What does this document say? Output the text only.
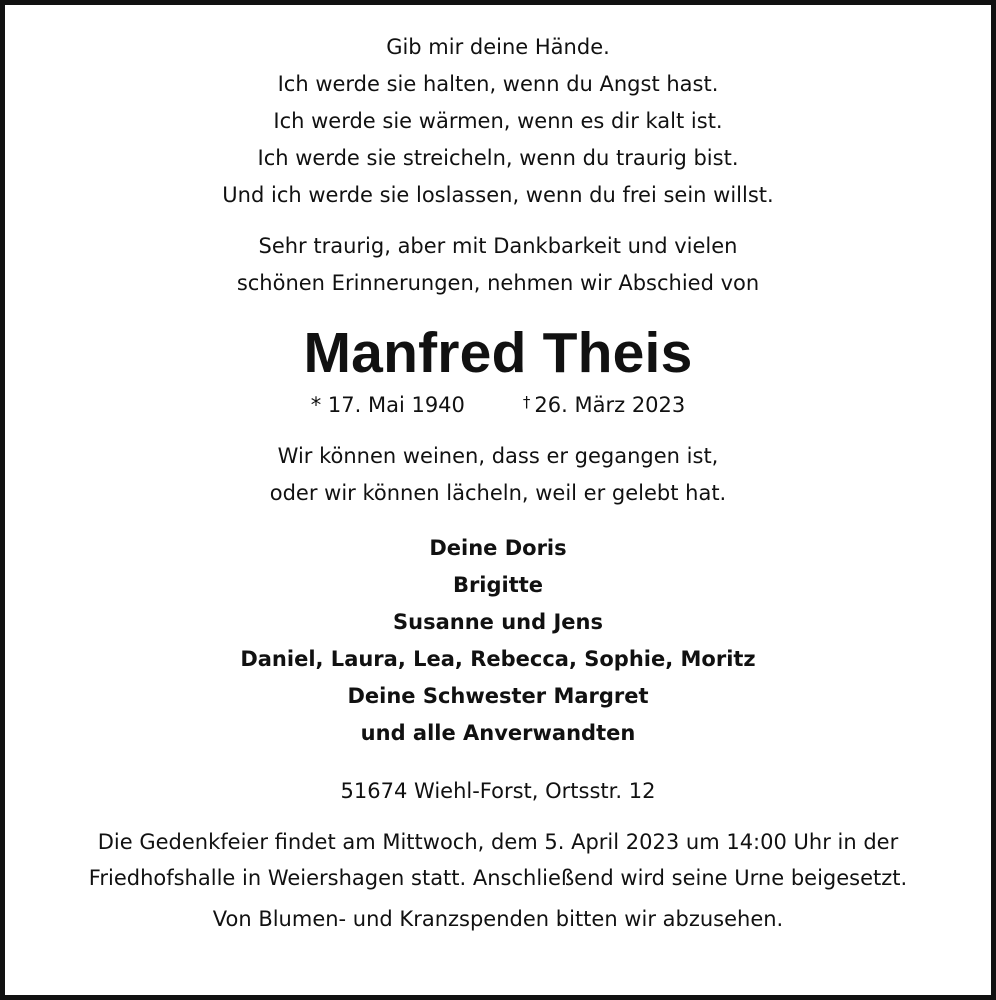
Gib mir deine Hände.
Ich werde sie halten, wenn du Angst hast.
Ich werde sie wärmen, wenn es dir kalt ist.
Ich werde sie streicheln, wenn du traurig bist.
Und ich werde sie loslassen, wenn du frei sein willst.
Sehr traurig, aber mit Dankbarkeit und vielen
schönen Erinnerungen, nehmen wir Abschied von
Manfred Theis
* 17. Mai 1940	† 26. März 2023
Wir können weinen, dass er gegangen ist,
oder wir können lächeln, weil er gelebt hat.
Deine Doris
Brigitte
Susanne und Jens
Daniel, Laura, Lea, Rebecca, Sophie, Moritz
Deine Schwester Margret
und alle Anverwandten
51674 Wiehl-Forst, Ortsstr. 12
Die Gedenkfeier findet am Mittwoch, dem 5. April 2023 um 14:00 Uhr in der
Friedhofshalle in Weiershagen statt. Anschließend wird seine Urne beigesetzt.
Von Blumen- und Kranzspenden bitten wir abzusehen.
